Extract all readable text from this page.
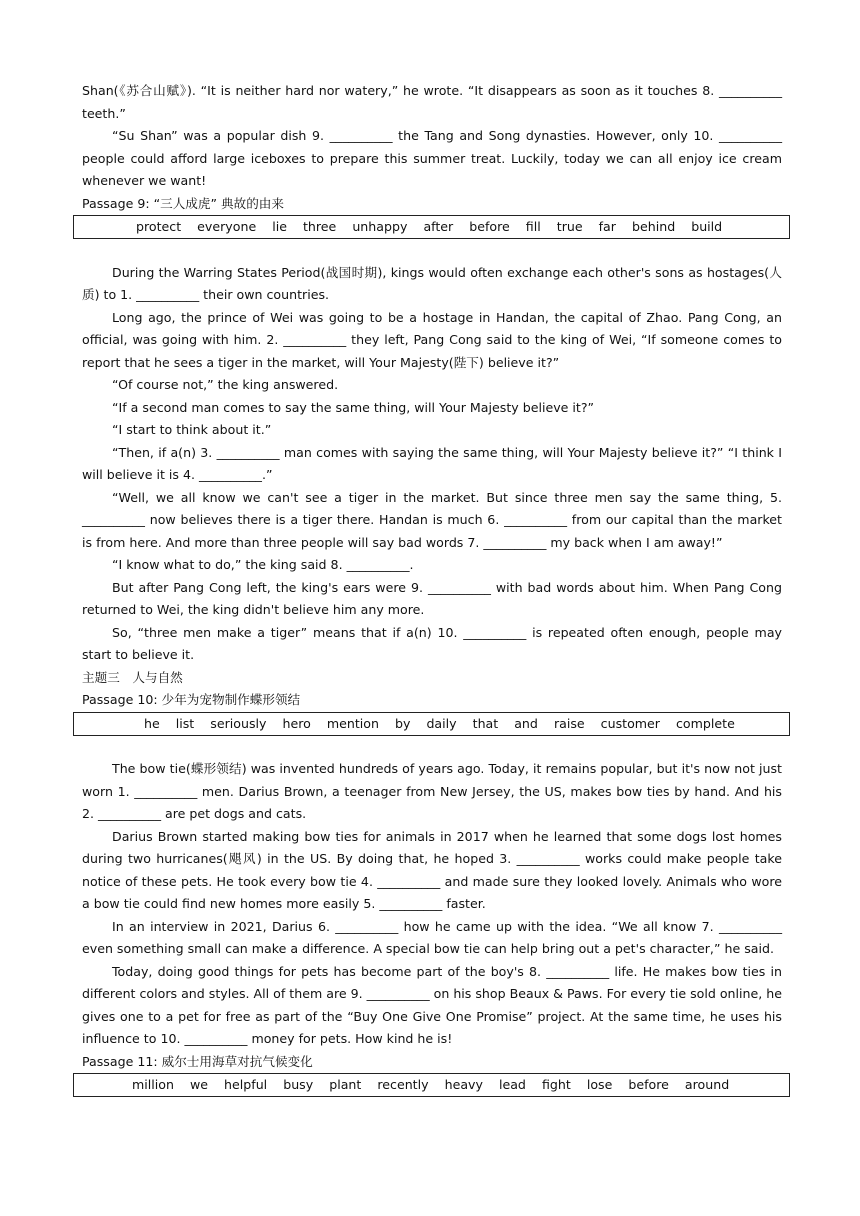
Shan(《苏合山赋》). “It is neither hard nor watery,” he wrote. “It disappears as soon as it touches 8. __________ teeth.”

“Su Shan” was a popular dish 9. __________ the Tang and Song dynasties. However, only 10. __________ people could afford large iceboxes to prepare this summer treat. Luckily, today we can all enjoy ice cream whenever we want!

Passage 9: “三人成虎” 典故的由来

protect everyone lie three unhappy after before fill true far behind build

During the Warring States Period(战国时期), kings would often exchange each other's sons as hostages(人质) to 1. __________ their own countries.

Long ago, the prince of Wei was going to be a hostage in Handan, the capital of Zhao. Pang Cong, an official, was going with him. 2. __________ they left, Pang Cong said to the king of Wei, “If someone comes to report that he sees a tiger in the market, will Your Majesty(陛下) believe it?”

“Of course not,” the king answered.

“If a second man comes to say the same thing, will Your Majesty believe it?”

“I start to think about it.”

“Then, if a(n) 3. __________ man comes with saying the same thing, will Your Majesty believe it?” “I think I will believe it is 4. __________.”

“Well, we all know we can't see a tiger in the market. But since three men say the same thing, 5. __________ now believes there is a tiger there. Handan is much 6. __________ from our capital than the market is from here. And more than three people will say bad words 7. __________ my back when I am away!”

“I know what to do,” the king said 8. __________.

But after Pang Cong left, the king's ears were 9. __________ with bad words about him. When Pang Cong returned to Wei, the king didn't believe him any more.

So, “three men make a tiger” means that if a(n) 10. __________ is repeated often enough, people may start to believe it.

主题三　人与自然

Passage 10: 少年为宠物制作蝶形领结

he list seriously hero mention by daily that and raise customer complete

The bow tie(蝶形领结) was invented hundreds of years ago. Today, it remains popular, but it's now not just worn 1. __________ men. Darius Brown, a teenager from New Jersey, the US, makes bow ties by hand. And his 2. __________ are pet dogs and cats.

Darius Brown started making bow ties for animals in 2017 when he learned that some dogs lost homes during two hurricanes(飓风) in the US. By doing that, he hoped 3. __________ works could make people take notice of these pets. He took every bow tie 4. __________ and made sure they looked lovely. Animals who wore a bow tie could find new homes more easily 5. __________ faster.

In an interview in 2021, Darius 6. __________ how he came up with the idea. “We all know 7. __________ even something small can make a difference. A special bow tie can help bring out a pet's character,” he said.

Today, doing good things for pets has become part of the boy's 8. __________ life. He makes bow ties in different colors and styles. All of them are 9. __________ on his shop Beaux & Paws. For every tie sold online, he gives one to a pet for free as part of the “Buy One Give One Promise” project. At the same time, he uses his influence to 10. __________ money for pets. How kind he is!

Passage 11: 威尔士用海草对抗气候变化

million we helpful busy plant recently heavy lead fight lose before around
